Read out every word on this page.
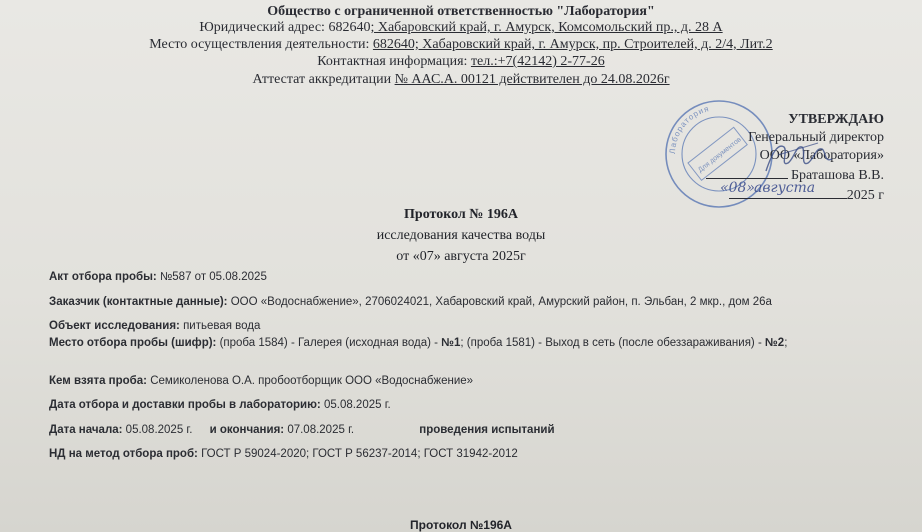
Общество с ограниченной ответственностью "Лаборатория"
Юридический адрес: 682640; Хабаровский край, г. Амурск, Комсомольский пр., д. 28 А
Место осуществления деятельности: 682640; Хабаровский край, г. Амурск, пр. Строителей, д. 2/4, Лит.2
Контактная информация: тел.:+7(42142) 2-77-26
Аттестат аккредитации № ААС.А. 00121 действителен до 24.08.2026г
Лаборатория
Для документов
УТВЕРЖДАЮ
Генеральный директор
ООО «Лаборатория»
Браташова В.В.
2025 г
«08» августа
Протокол № 196А
исследования качества воды
от «07» августа 2025г
Акт отбора пробы: №587 от 05.08.2025
Заказчик (контактные данные): ООО «Водоснабжение», 2706024021, Хабаровский край, Амурский район, п. Эльбан, 2 мкр., дом 26а
Объект исследования: питьевая вода
Место отбора пробы (шифр): (проба 1584) - Галерея (исходная вода) - №1; (проба 1581) - Выход в сеть (после обеззараживания) - №2;
Кем взята проба: Семиколенова О.А. пробоотборщик ООО «Водоснабжение»
Дата отбора и доставки пробы в лабораторию: 05.08.2025 г.
Дата начала: 05.08.2025 г. и окончания: 07.08.2025 г.	проведения испытаний
НД на метод отбора проб: ГОСТ Р 59024-2020; ГОСТ Р 56237-2014; ГОСТ 31942-2012
Протокол №196А
